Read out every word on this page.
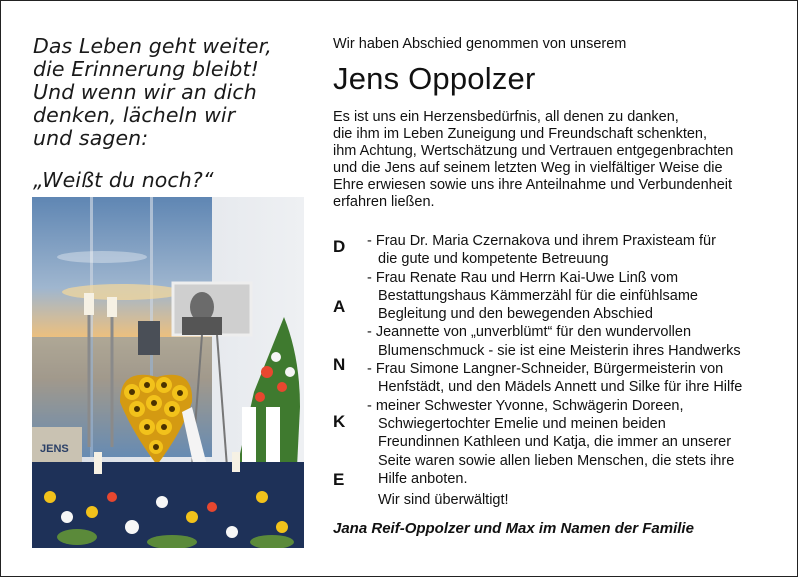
Das Leben geht weiter,
die Erinnerung bleibt!
Und wenn wir an dich
denken, lächeln wir
und sagen:
„Weißt du noch?“
JENS
Wir haben Abschied genommen von unserem
Jens Oppolzer
Es ist uns ein Herzensbedürfnis, all denen zu danken,
die ihm im Leben Zuneigung und Freundschaft schenkten,
ihm Achtung, Wertschätzung und Vertrauen entgegenbrachten
und die Jens auf seinem letzten Weg in vielfältiger Weise die
Ehre erwiesen sowie uns ihre Anteilnahme und Verbundenheit
erfahren ließen.
D
A
N
K
E
- Frau Dr. Maria Czernakova und ihrem Praxisteam für
die gute und kompetente Betreuung
- Frau Renate Rau und Herrn Kai-Uwe Linß vom
Bestattungshaus Kämmerzähl für die einfühlsame
Begleitung und den bewegenden Abschied
- Jeannette von „unverblümt“ für den wundervollen
Blumenschmuck - sie ist eine Meisterin ihres Handwerks
- Frau Simone Langner-Schneider, Bürgermeisterin von
Henfstädt, und den Mädels Annett und Silke für ihre Hilfe
- meiner Schwester Yvonne, Schwägerin Doreen,
Schwiegertochter Emelie und meinen beiden
Freundinnen Kathleen und Katja, die immer an unserer
Seite waren sowie allen lieben Menschen, die stets ihre
Hilfe anboten.
Wir sind überwältigt!
Jana Reif-Oppolzer und Max im Namen der Familie
